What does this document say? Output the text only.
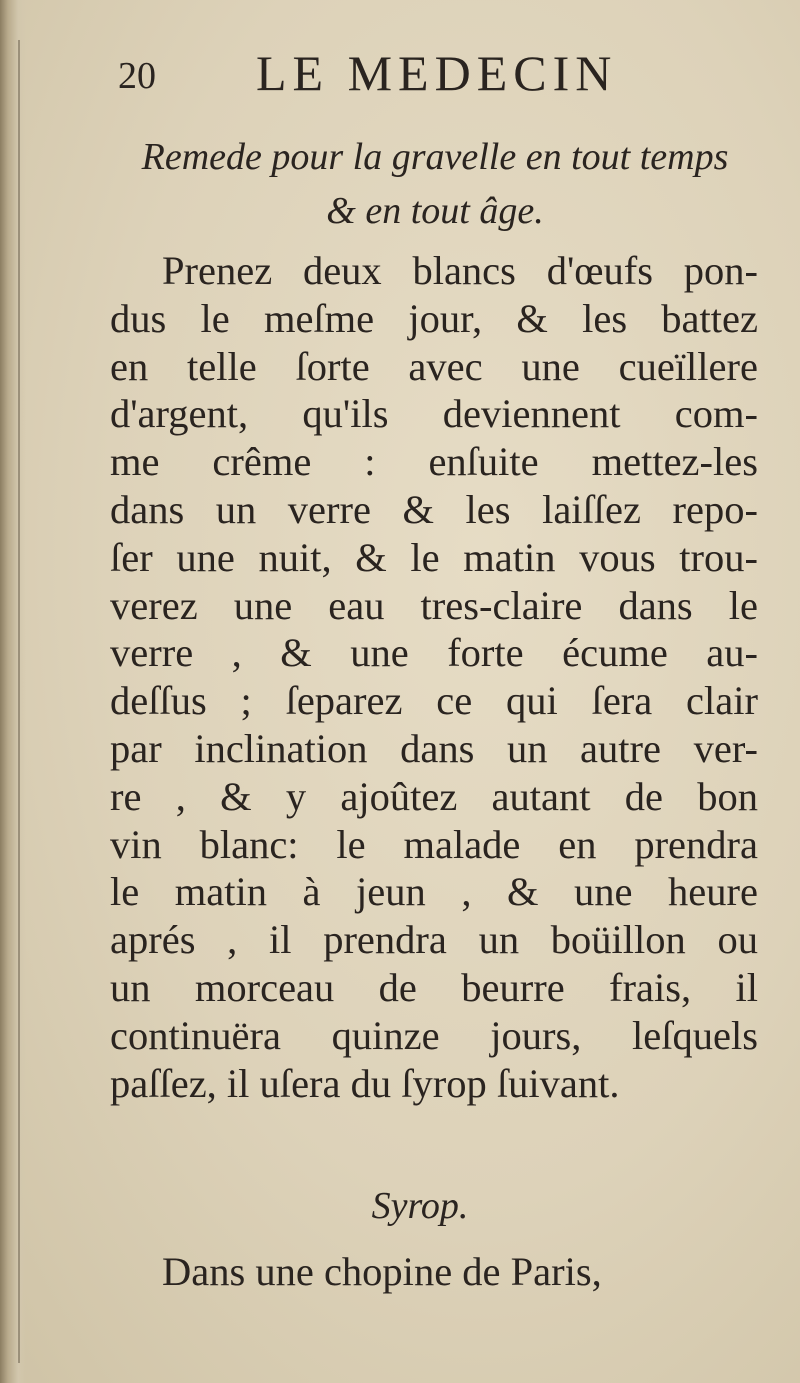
20 LE MEDECIN
Remede pour la gravelle en tout temps
& en tout âge.
Prenez deux blancs d'œufs pon-
dus le meſme jour, & les battez
en telle ſorte avec une cueïllere
d'argent, qu'ils deviennent com-
me crême : enſuite mettez-les
dans un verre & les laiſſez repo-
ſer une nuit, & le matin vous trou-
verez une eau tres-claire dans le
verre , & une forte écume au-
deſſus ; ſeparez ce qui ſera clair
par inclination dans un autre ver-
re , & y ajoûtez autant de bon
vin blanc: le malade en prendra
le matin à jeun , & une heure
aprés , il prendra un boüillon ou
un morceau de beurre frais, il
continuëra quinze jours, leſquels
paſſez, il uſera du ſyrop ſuivant.
Syrop.
Dans une chopine de Paris,
